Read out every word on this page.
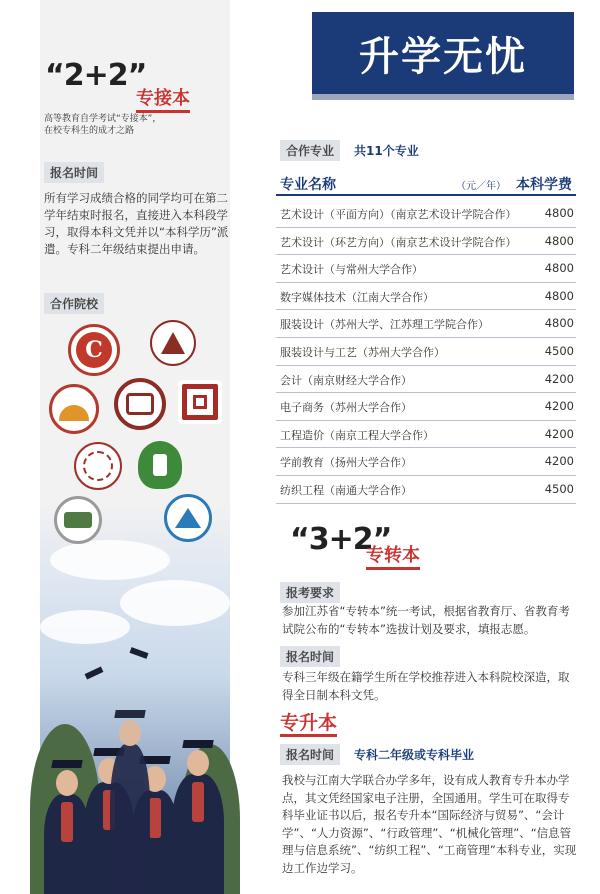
“2+2”
专接本
高等教育自学考试“专接本”，
在校专科生的成才之路
报名时间
所有学习成绩合格的同学均可在第二学年结束时报名，直接进入本科段学习，取得本科文凭并以“本科学历”派遣。专科二年级结束提出申请。
合作院校
C
升学无忧
合作专业	共11个专业
专业名称	（元／年） 本科学费
艺术设计（平面方向）（南京艺术设计学院合作） 4800
艺术设计（环艺方向）（南京艺术设计学院合作） 4800
艺术设计（与常州大学合作）	4800
数字媒体技术（江南大学合作）	4800
服装设计（苏州大学、江苏理工学院合作）	4800
服装设计与工艺（苏州大学合作）	4500
会计（南京财经大学合作）	4200
电子商务（苏州大学合作）	4200
工程造价（南京工程大学合作）	4200
学前教育（扬州大学合作）	4200
纺织工程（南通大学合作）	4500
“3+2”
专转本
报考要求
参加江苏省“专转本”统一考试，根据省教育厅、省教育考试院公布的“专转本”选拔计划及要求，填报志愿。
报名时间
专科三年级在籍学生所在学校推荐进入本科院校深造，取得全日制本科文凭。
专升本
报名时间	专科二年级或专科毕业
我校与江南大学联合办学多年，设有成人教育专升本办学点，其文凭经国家电子注册，全国通用。学生可在取得专科毕业证书以后，报名专升本“国际经济与贸易”、“会计学”、“人力资源”、“行政管理”、“机械化管理”、“信息管理与信息系统”、“纺织工程”、“工商管理”本科专业，实现边工作边学习。
